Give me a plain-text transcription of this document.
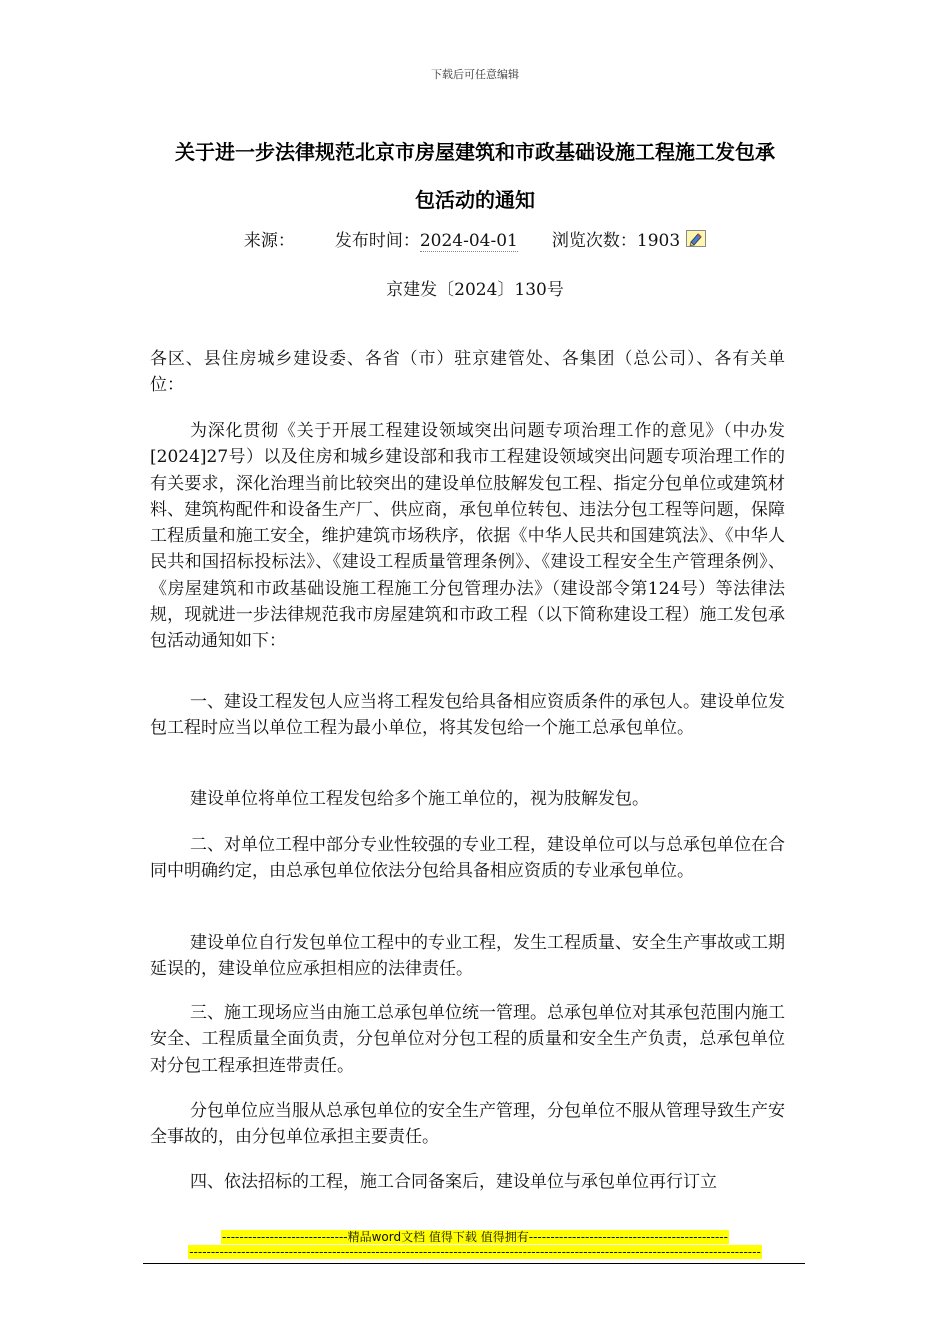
下载后可任意编辑
关于进一步法律规范北京市房屋建筑和市政基础设施工程施工发包承
包活动的通知
来源： 发布时间：2024-04-01 浏览次数：1903
京建发〔2024〕130号
各区、县住房城乡建设委、各省（市）驻京建管处、各集团（总公司）、各有关单位：
为深化贯彻《关于开展工程建设领域突出问题专项治理工作的意见》（中办发[2024]27号）以及住房和城乡建设部和我市工程建设领域突出问题专项治理工作的有关要求，深化治理当前比较突出的建设单位肢解发包工程、指定分包单位或建筑材料、建筑构配件和设备生产厂、供应商，承包单位转包、违法分包工程等问题，保障工程质量和施工安全，维护建筑市场秩序，依据《中华人民共和国建筑法》、《中华人民共和国招标投标法》、《建设工程质量管理条例》、《建设工程安全生产管理条例》、《房屋建筑和市政基础设施工程施工分包管理办法》（建设部令第124号）等法律法规，现就进一步法律规范我市房屋建筑和市政工程（以下简称建设工程）施工发包承包活动通知如下：
一、建设工程发包人应当将工程发包给具备相应资质条件的承包人。建设单位发包工程时应当以单位工程为最小单位，将其发包给一个施工总承包单位。
建设单位将单位工程发包给多个施工单位的，视为肢解发包。
二、对单位工程中部分专业性较强的专业工程，建设单位可以与总承包单位在合同中明确约定，由总承包单位依法分包给具备相应资质的专业承包单位。
建设单位自行发包单位工程中的专业工程，发生工程质量、安全生产事故或工期延误的，建设单位应承担相应的法律责任。
三、施工现场应当由施工总承包单位统一管理。总承包单位对其承包范围内施工安全、工程质量全面负责，分包单位对分包工程的质量和安全生产负责，总承包单位对分包工程承担连带责任。
分包单位应当服从总承包单位的安全生产管理，分包单位不服从管理导致生产安全事故的，由分包单位承担主要责任。
四、依法招标的工程，施工合同备案后，建设单位与承包单位再行订立
-----------------------------精品word文档 值得下载 值得拥有----------------------------------------------
------------------------------------------------------------------------------------------------------------------------------------
